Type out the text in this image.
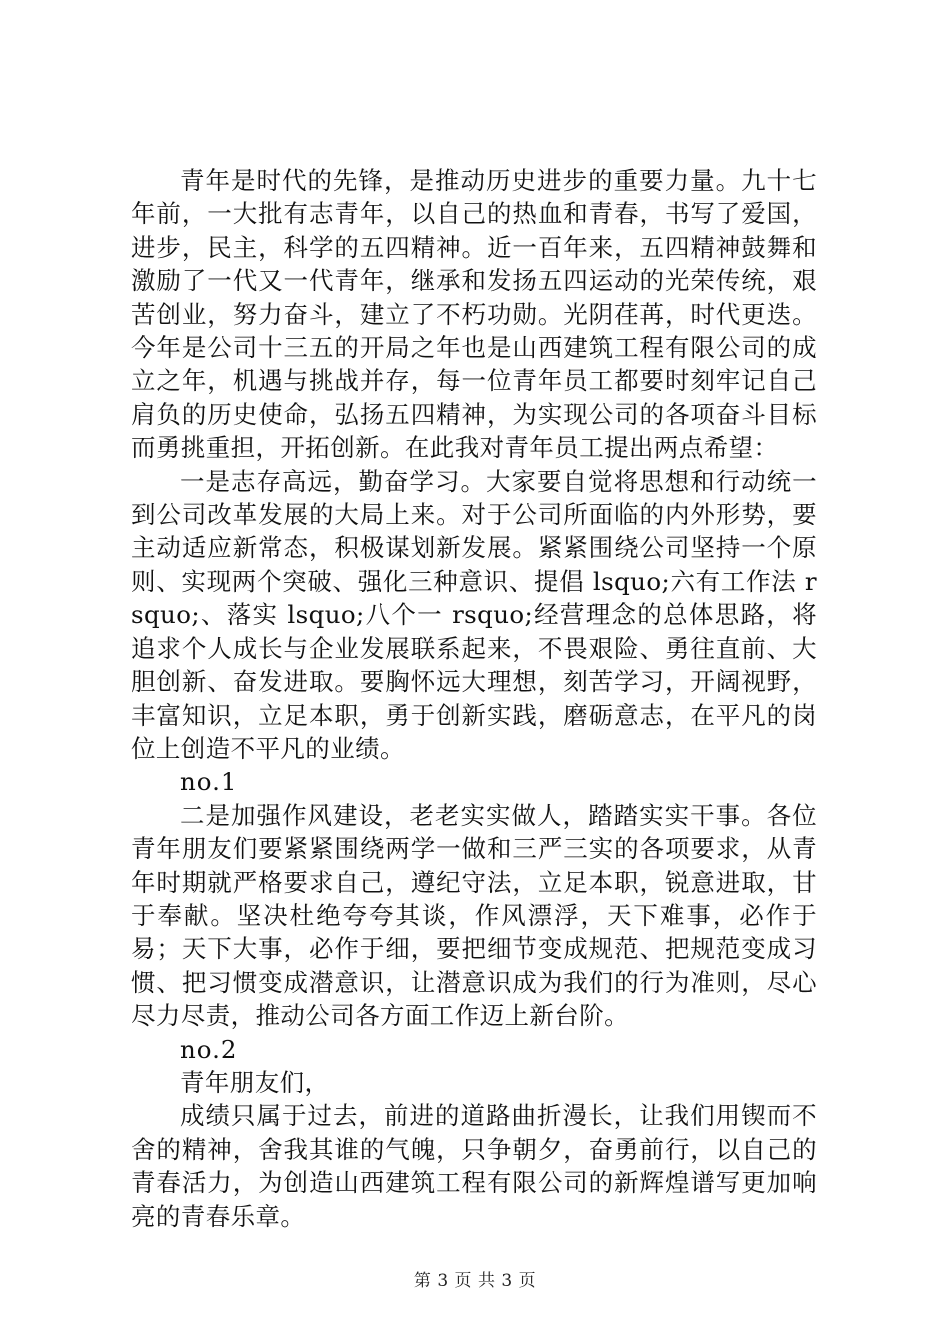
青年是时代的先锋，是推动历史进步的重要力量。九十七年前，一大批有志青年，以自己的热血和青春，书写了爱国，进步，民主，科学的五四精神。近一百年来，五四精神鼓舞和激励了一代又一代青年，继承和发扬五四运动的光荣传统，艰苦创业，努力奋斗，建立了不朽功勋。光阴荏苒，时代更迭。今年是公司十三五的开局之年也是山西建筑工程有限公司的成立之年，机遇与挑战并存，每一位青年员工都要时刻牢记自己肩负的历史使命，弘扬五四精神，为实现公司的各项奋斗目标而勇挑重担，开拓创新。在此我对青年员工提出两点希望：

一是志存高远，勤奋学习。大家要自觉将思想和行动统一到公司改革发展的大局上来。对于公司所面临的内外形势，要主动适应新常态，积极谋划新发展。紧紧围绕公司坚持一个原则、实现两个突破、强化三种意识、提倡 lsquo;六有工作法 rsquo;、落实 lsquo;八个一 rsquo;经营理念的总体思路，将追求个人成长与企业发展联系起来，不畏艰险、勇往直前、大胆创新、奋发进取。要胸怀远大理想，刻苦学习，开阔视野，丰富知识，立足本职，勇于创新实践，磨砺意志，在平凡的岗位上创造不平凡的业绩。

no.1

二是加强作风建设，老老实实做人，踏踏实实干事。各位青年朋友们要紧紧围绕两学一做和三严三实的各项要求，从青年时期就严格要求自己，遵纪守法，立足本职，锐意进取，甘于奉献。坚决杜绝夸夸其谈，作风漂浮，天下难事，必作于易；天下大事，必作于细，要把细节变成规范、把规范变成习惯、把习惯变成潜意识，让潜意识成为我们的行为准则，尽心尽力尽责，推动公司各方面工作迈上新台阶。

no.2

青年朋友们，

成绩只属于过去，前进的道路曲折漫长，让我们用锲而不舍的精神，舍我其谁的气魄，只争朝夕，奋勇前行，以自己的青春活力，为创造山西建筑工程有限公司的新辉煌谱写更加响亮的青春乐章。

第 3 页 共 3 页
